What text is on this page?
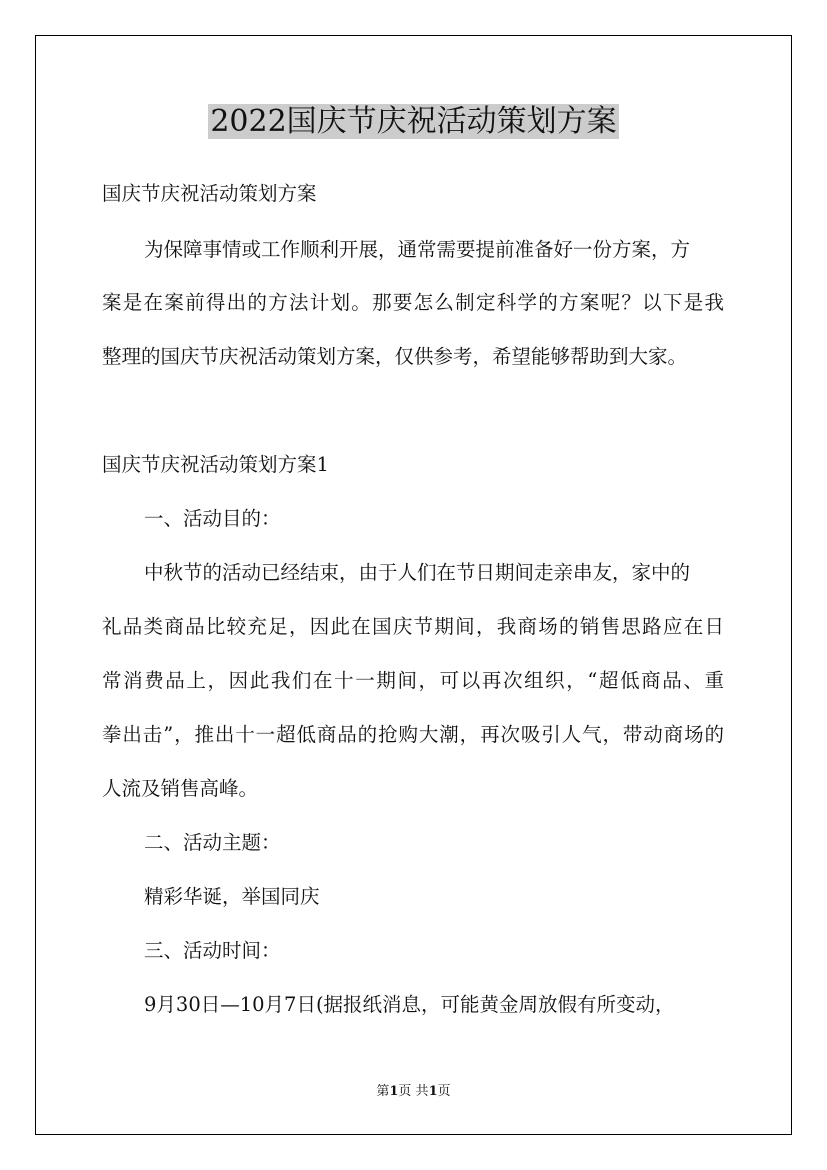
2022国庆节庆祝活动策划方案

国庆节庆祝活动策划方案

为保障事情或工作顺利开展，通常需要提前准备好一份方案，方

案是在案前得出的方法计划。那要怎么制定科学的方案呢？以下是我

整理的国庆节庆祝活动策划方案，仅供参考，希望能够帮助到大家。

国庆节庆祝活动策划方案1

一、活动目的：

中秋节的活动已经结束，由于人们在节日期间走亲串友，家中的

礼品类商品比较充足，因此在国庆节期间，我商场的销售思路应在日

常消费品上，因此我们在十一期间，可以再次组织，“超低商品、重

拳出击”，推出十一超低商品的抢购大潮，再次吸引人气，带动商场的

人流及销售高峰。

二、活动主题：

精彩华诞，举国同庆

三、活动时间：

9月30日—10月7日(据报纸消息，可能黄金周放假有所变动，

第1页 共1页
